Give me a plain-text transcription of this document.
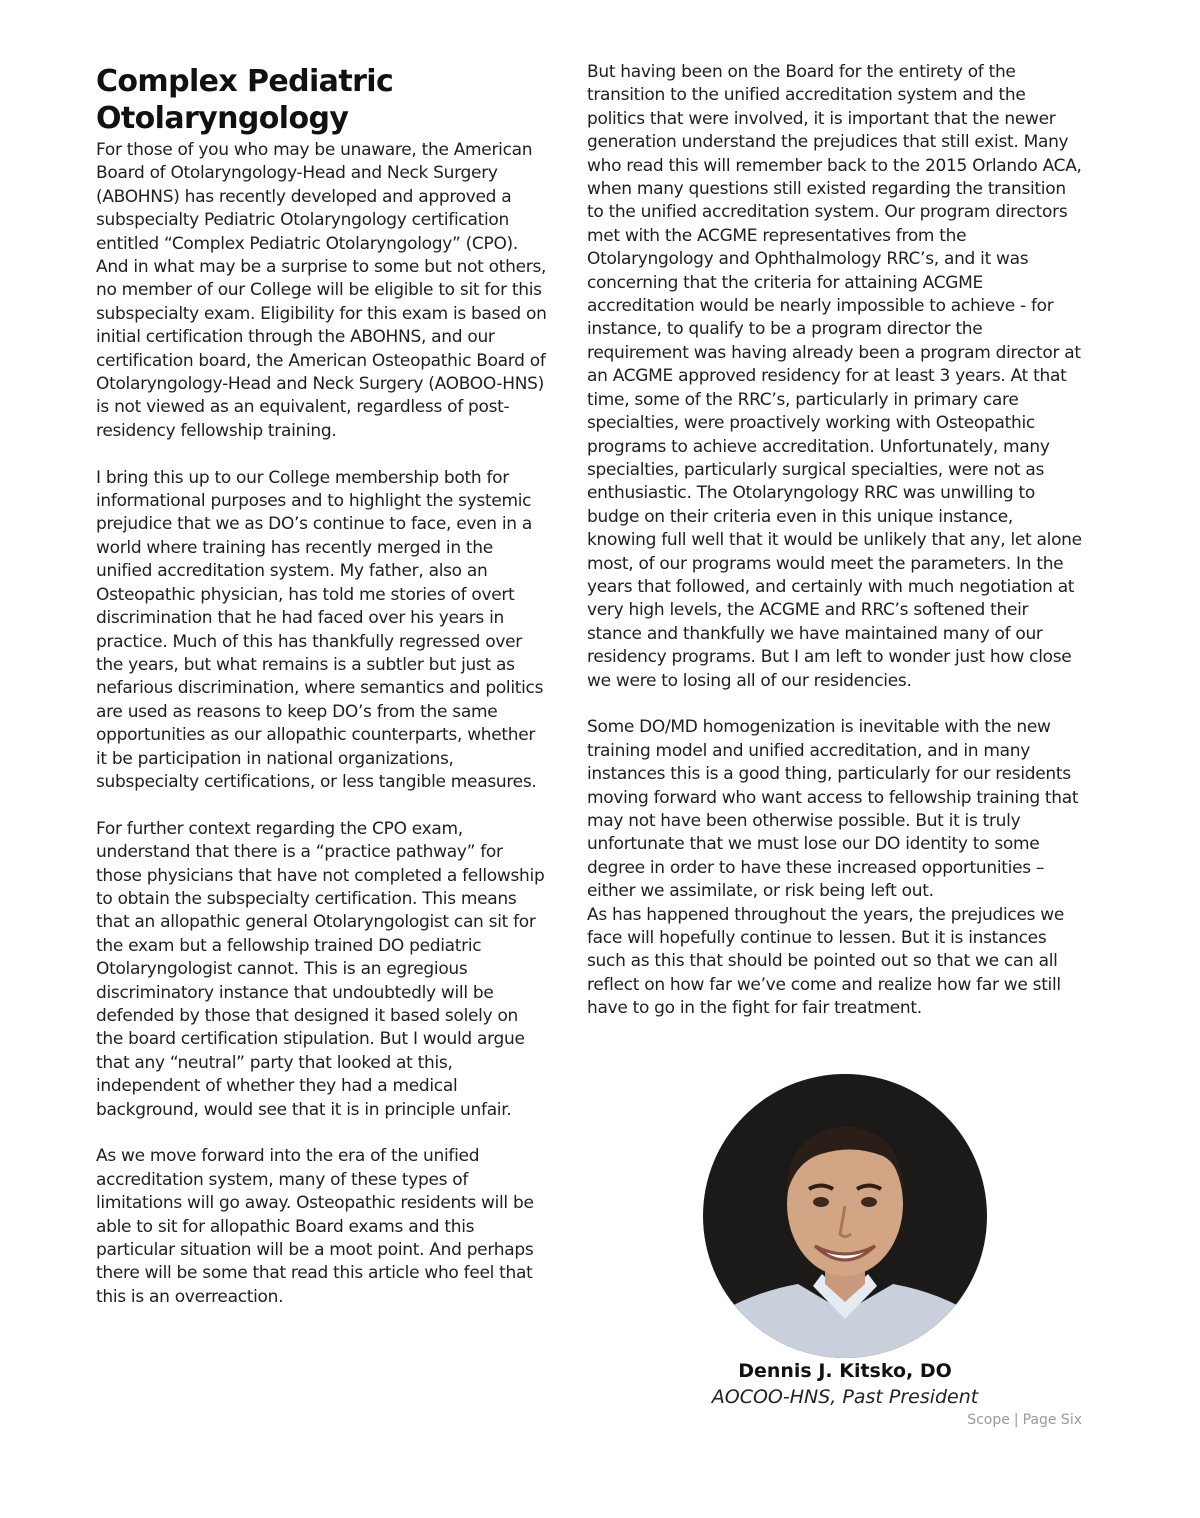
Complex Pediatric Otolaryngology

For those of you who may be unaware, the American Board of Otolaryngology-Head and Neck Surgery (ABOHNS) has recently developed and approved a subspecialty Pediatric Otolaryngology certification entitled “Complex Pediatric Otolaryngology” (CPO). And in what may be a surprise to some but not others, no member of our College will be eligible to sit for this subspecialty exam. Eligibility for this exam is based on initial certification through the ABOHNS, and our certification board, the American Osteopathic Board of Otolaryngology-Head and Neck Surgery (AOBOO-HNS) is not viewed as an equivalent, regardless of post-residency fellowship training.

I bring this up to our College membership both for informational purposes and to highlight the systemic prejudice that we as DO’s continue to face, even in a world where training has recently merged in the unified accreditation system. My father, also an Osteopathic physician, has told me stories of overt discrimination that he had faced over his years in practice. Much of this has thankfully regressed over the years, but what remains is a subtler but just as nefarious discrimination, where semantics and politics are used as reasons to keep DO’s from the same opportunities as our allopathic counterparts, whether it be participation in national organizations, subspecialty certifications, or less tangible measures.

For further context regarding the CPO exam, understand that there is a “practice pathway” for those physicians that have not completed a fellowship to obtain the subspecialty certification. This means that an allopathic general Otolaryngologist can sit for the exam but a fellowship trained DO pediatric Otolaryngologist cannot. This is an egregious discriminatory instance that undoubtedly will be defended by those that designed it based solely on the board certification stipulation. But I would argue that any “neutral” party that looked at this, independent of whether they had a medical background, would see that it is in principle unfair.

As we move forward into the era of the unified accreditation system, many of these types of limitations will go away. Osteopathic residents will be able to sit for allopathic Board exams and this particular situation will be a moot point. And perhaps there will be some that read this article who feel that this is an overreaction.

But having been on the Board for the entirety of the transition to the unified accreditation system and the politics that were involved, it is important that the newer generation understand the prejudices that still exist. Many who read this will remember back to the 2015 Orlando ACA, when many questions still existed regarding the transition to the unified accreditation system. Our program directors met with the ACGME representatives from the Otolaryngology and Ophthalmology RRC’s, and it was concerning that the criteria for attaining ACGME accreditation would be nearly impossible to achieve - for instance, to qualify to be a program director the requirement was having already been a program director at an ACGME approved residency for at least 3 years. At that time, some of the RRC’s, particularly in primary care specialties, were proactively working with Osteopathic programs to achieve accreditation. Unfortunately, many specialties, particularly surgical specialties, were not as enthusiastic. The Otolaryngology RRC was unwilling to budge on their criteria even in this unique instance, knowing full well that it would be unlikely that any, let alone most, of our programs would meet the parameters. In the years that followed, and certainly with much negotiation at very high levels, the ACGME and RRC’s softened their stance and thankfully we have maintained many of our residency programs. But I am left to wonder just how close we were to losing all of our residencies.

Some DO/MD homogenization is inevitable with the new training model and unified accreditation, and in many instances this is a good thing, particularly for our residents moving forward who want access to fellowship training that may not have been otherwise possible. But it is truly unfortunate that we must lose our DO identity to some degree in order to have these increased opportunities – either we assimilate, or risk being left out.

As has happened throughout the years, the prejudices we face will hopefully continue to lessen. But it is instances such as this that should be pointed out so that we can all reflect on how far we’ve come and realize how far we still have to go in the fight for fair treatment.

Dennis J. Kitsko, DO
AOCOO-HNS, Past President
Scope | Page Six
